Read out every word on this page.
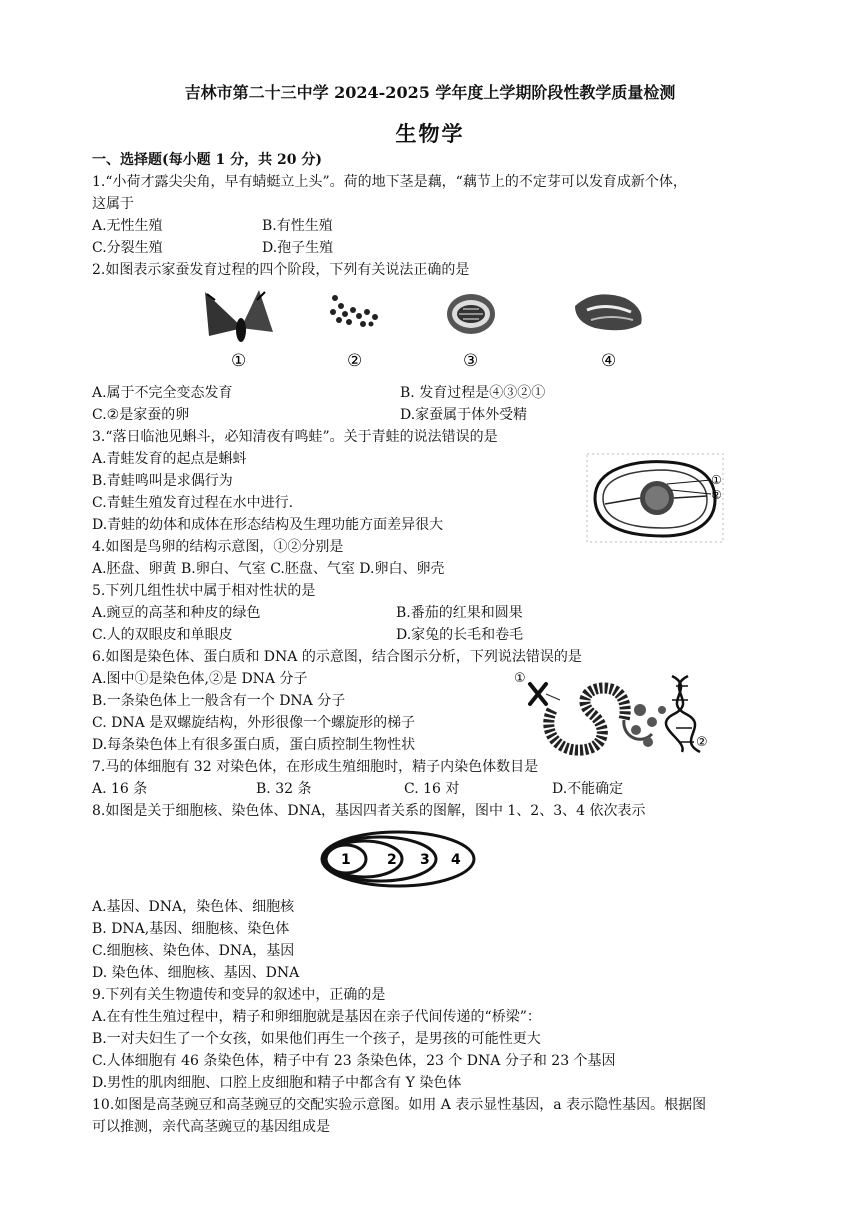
吉林市第二十三中学 2024-2025 学年度上学期阶段性教学质量检测
生物学
一、选择题(每小题 1 分，共 20 分)
1.“小荷才露尖尖角，早有蜻蜓立上头”。荷的地下茎是藕，“藕节上的不定芽可以发育成新个体，
这属于
A.无性生殖	B.有性生殖
C.分裂生殖	D.孢子生殖
2.如图表示家蚕发育过程的四个阶段，下列有关说法正确的是
①	②	③	④
A.属于不完全变态发育	B. 发育过程是④③②①
C.②是家蚕的卵	D.家蚕属于体外受精
3.“落日临池见蝌斗，必知清夜有鸣蛙”。关于青蛙的说法错误的是
A.青蛙发育的起点是蝌蚪
B.青蛙鸣叫是求偶行为
C.青蛙生殖发育过程在水中进行.
D.青蛙的幼体和成体在形态结构及生理功能方面差异很大
①
②
4.如图是鸟卵的结构示意图，①②分别是
A.胚盘、卵黄 B.卵白、气室 C.胚盘、气室 D.卵白、卵壳
5.下列几组性状中属于相对性状的是
A.豌豆的高茎和种皮的绿色	B.番茄的红果和圆果
C.人的双眼皮和单眼皮	D.家兔的长毛和卷毛
6.如图是染色体、蛋白质和 DNA 的示意图，结合图示分析，下列说法错误的是
A.图中①是染色体,②是 DNA 分子
B.一条染色体上一般含有一个 DNA 分子
C. DNA 是双螺旋结构，外形很像一个螺旋形的梯子
D.每条染色体上有很多蛋白质，蛋白质控制生物性状
①
②
7.马的体细胞有 32 对染色体，在形成生殖细胞时，精子内染色体数目是
A. 16 条	B. 32 条	C. 16 对	D.不能确定
8.如图是关于细胞核、染色体、DNA，基因四者关系的图解，图中 1、2、3、4 依次表示
1	2 3 4
A.基因、DNA，染色体、细胞核
B. DNA,基因、细胞核、染色体
C.细胞核、染色体、DNA，基因
D. 染色体、细胞核、基因、DNA
9.下列有关生物遗传和变异的叙述中，正确的是
A.在有性生殖过程中，精子和卵细胞就是基因在亲子代间传递的“桥梁”：
B.一对夫妇生了一个女孩，如果他们再生一个孩子，是男孩的可能性更大
C.人体细胞有 46 条染色体，精子中有 23 条染色体，23 个 DNA 分子和 23 个基因
D.男性的肌肉细胞、口腔上皮细胞和精子中都含有 Y 染色体
10.如图是高茎豌豆和高茎豌豆的交配实验示意图。如用 A 表示显性基因，a 表示隐性基因。根据图
可以推测，亲代高茎豌豆的基因组成是
